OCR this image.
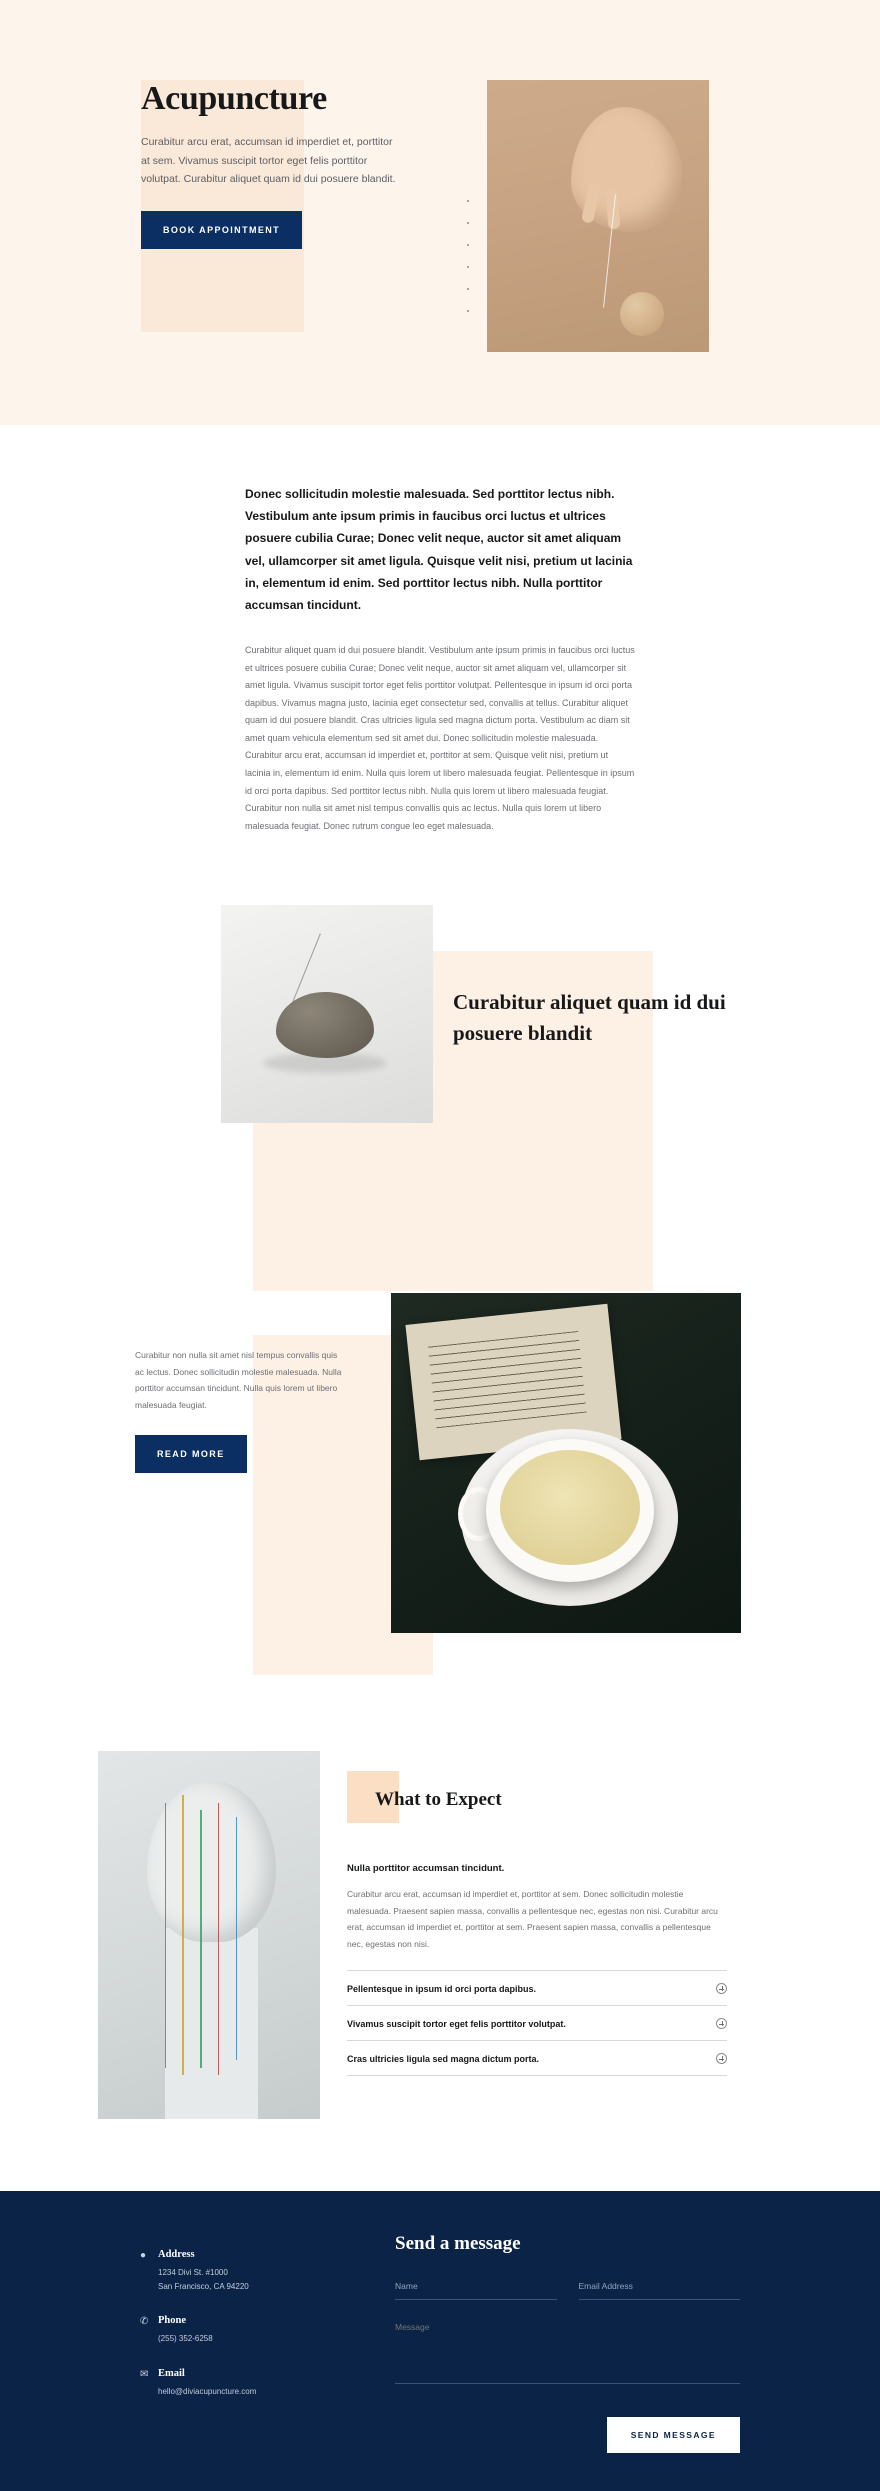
Acupuncture

Curabitur arcu erat, accumsan id imperdiet et, porttitor at sem. Vivamus suscipit tortor eget felis porttitor volutpat. Curabitur aliquet quam id dui posuere blandit.

BOOK APPOINTMENT

Donec sollicitudin molestie malesuada. Sed porttitor lectus nibh. Vestibulum ante ipsum primis in faucibus orci luctus et ultrices posuere cubilia Curae; Donec velit neque, auctor sit amet aliquam vel, ullamcorper sit amet ligula. Quisque velit nisi, pretium ut lacinia in, elementum id enim. Sed porttitor lectus nibh. Nulla porttitor accumsan tincidunt.

Curabitur aliquet quam id dui posuere blandit. Vestibulum ante ipsum primis in faucibus orci luctus et ultrices posuere cubilia Curae; Donec velit neque, auctor sit amet aliquam vel, ullamcorper sit amet ligula. Vivamus suscipit tortor eget felis porttitor volutpat. Pellentesque in ipsum id orci porta dapibus. Vivamus magna justo, lacinia eget consectetur sed, convallis at tellus. Curabitur aliquet quam id dui posuere blandit. Cras ultricies ligula sed magna dictum porta. Vestibulum ac diam sit amet quam vehicula elementum sed sit amet dui. Donec sollicitudin molestie malesuada. Curabitur arcu erat, accumsan id imperdiet et, porttitor at sem. Quisque velit nisi, pretium ut lacinia in, elementum id enim. Nulla quis lorem ut libero malesuada feugiat. Pellentesque in ipsum id orci porta dapibus. Sed porttitor lectus nibh. Nulla quis lorem ut libero malesuada feugiat. Curabitur non nulla sit amet nisl tempus convallis quis ac lectus. Nulla quis lorem ut libero malesuada feugiat. Donec rutrum congue leo eget malesuada.

Curabitur aliquet quam id dui posuere blandit

Curabitur non nulla sit amet nisl tempus convallis quis ac lectus. Donec sollicitudin molestie malesuada. Nulla porttitor accumsan tincidunt. Nulla quis lorem ut libero malesuada feugiat.

READ MORE
What to Expect

Nulla porttitor accumsan tincidunt.

Curabitur arcu erat, accumsan id imperdiet et, porttitor at sem. Donec sollicitudin molestie malesuada. Praesent sapien massa, convallis a pellentesque nec, egestas non nisi. Curabitur arcu erat, accumsan id imperdiet et, porttitor at sem. Praesent sapien massa, convallis a pellentesque nec, egestas non nisi.

Pellentesque in ipsum id orci porta dapibus.
Vivamus suscipit tortor eget felis porttitor volutpat.
Cras ultricies ligula sed magna dictum porta.
●	Address
1234 Divi St. #1000
San Francisco, CA 94220
✆ Phone
(255) 352-6258
✉ Email
hello@diviacupuncture.com
Send a message
Name
Email Address
Message
SEND MESSAGE
